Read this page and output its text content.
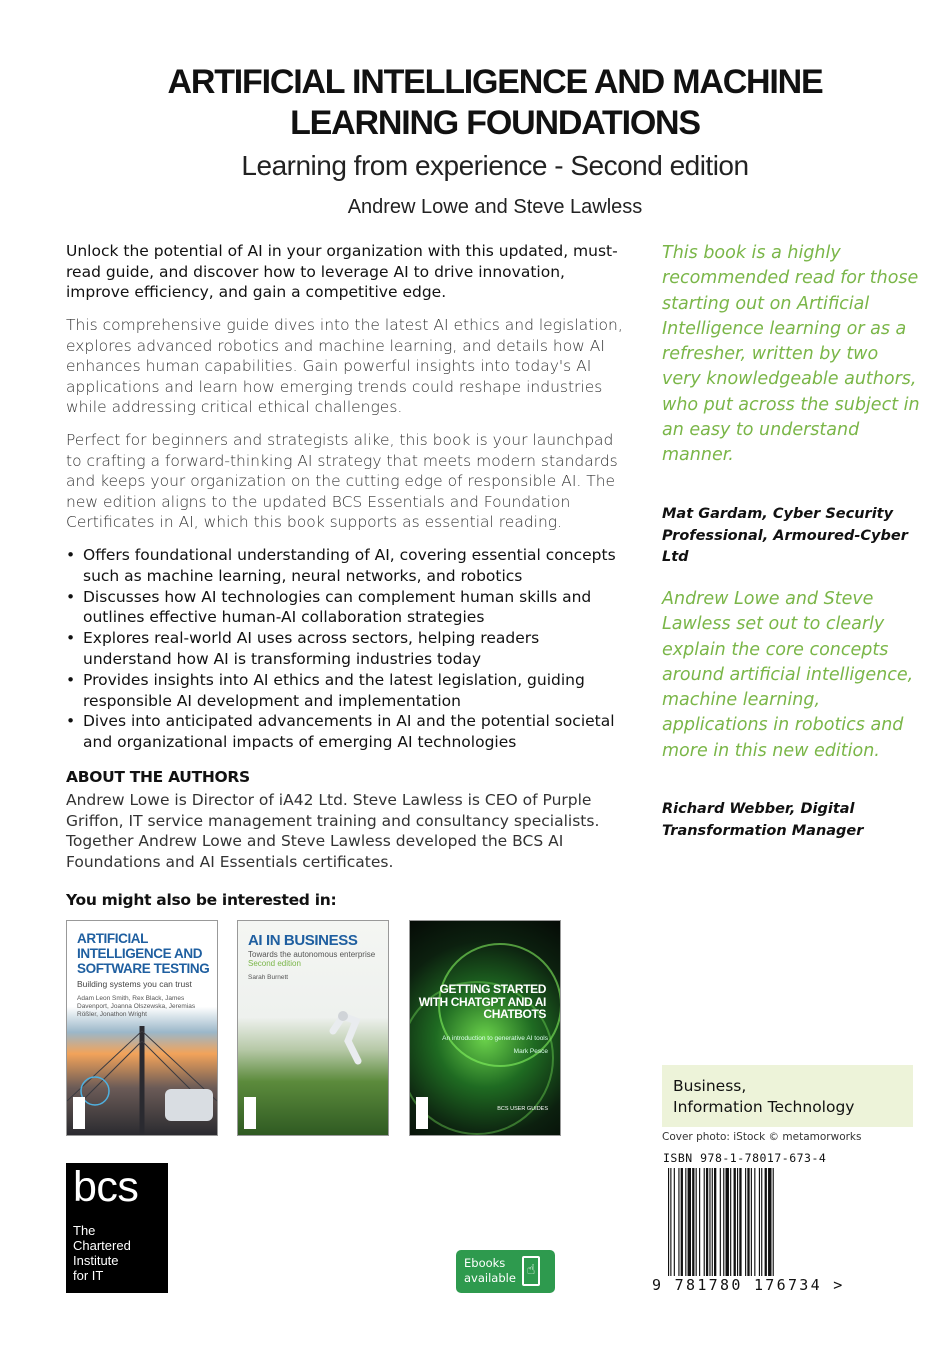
ARTIFICIAL INTELLIGENCE AND MACHINE
LEARNING FOUNDATIONS
Learning from experience - Second edition
Andrew Lowe and Steve Lawless
Unlock the potential of AI in your organization with this updated, must-read guide, and discover how to leverage AI to drive innovation, improve efficiency, and gain a competitive edge.
This comprehensive guide dives into the latest AI ethics and legislation, explores advanced robotics and machine learning, and details how AI enhances human capabilities. Gain powerful insights into today's AI applications and learn how emerging trends could reshape industries while addressing critical ethical challenges.
Perfect for beginners and strategists alike, this book is your launchpad to crafting a forward-thinking AI strategy that meets modern standards and keeps your organization on the cutting edge of responsible AI. The new edition aligns to the updated BCS Essentials and Foundation Certificates in AI, which this book supports as essential reading.
• Offers foundational understanding of AI, covering essential concepts such as machine learning, neural networks, and robotics
• Discusses how AI technologies can complement human skills and outlines effective human-AI collaboration strategies
• Explores real-world AI uses across sectors, helping readers understand how AI is transforming industries today
• Provides insights into AI ethics and the latest legislation, guiding responsible AI development and implementation
• Dives into anticipated advancements in AI and the potential societal and organizational impacts of emerging AI technologies
ABOUT THE AUTHORS
Andrew Lowe is Director of iA42 Ltd. Steve Lawless is CEO of Purple Griffon, IT service management training and consultancy specialists. Together Andrew Lowe and Steve Lawless developed the BCS AI Foundations and AI Essentials certificates.
You might also be interested in:
ARTIFICIAL INTELLIGENCE AND SOFTWARE TESTING
Building systems you can trust
Adam Leon Smith, Rex Black, James Davenport, Joanna Olszewska, Jeremias Rößler, Jonathon Wright
AI IN BUSINESS
Towards the autonomous enterprise
Second edition
Sarah Burnett
GETTING STARTED WITH CHATGPT AND AI CHATBOTS
An introduction to generative AI tools
Mark Pesce
BCS USER GUIDES
bcs
The
Chartered
Institute
for IT
Ebooks
available ☝
This book is a highly recommended read for those starting out on Artificial Intelligence learning or as a refresher, written by two very knowledgeable authors, who put across the subject in an easy to understand manner.
Mat Gardam, Cyber Security Professional, Armoured-Cyber Ltd
Andrew Lowe and Steve Lawless set out to clearly explain the core concepts around artificial intelligence, machine learning, applications in robotics and more in this new edition.
Richard Webber, Digital Transformation Manager
Business,
Information Technology
Cover photo: iStock © metamorworks
ISBN 978-1-78017-673-4
9 781780 176734 >
